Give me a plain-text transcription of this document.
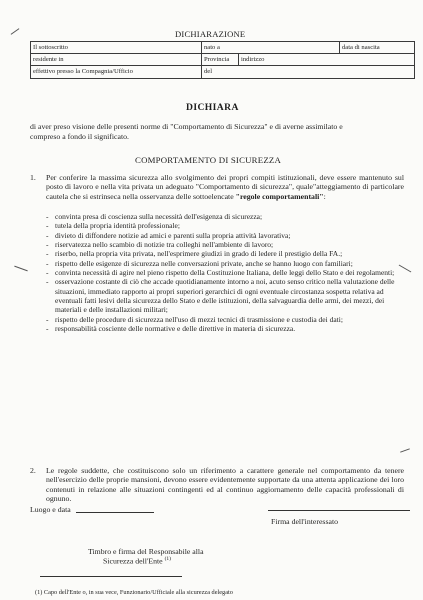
DICHIARAZIONE
Il sottoscritto	nato a		data di nascita
residente in	Provincia	indirizzo	
effettivo presso la Compagnia/Ufficio	del		
DICHIARA
di aver preso visione delle presenti norme di "Comportamento di Sicurezza" e di averne assimilato e
compreso a fondo il significato.
COMPORTAMENTO DI SICUREZZA
1. Per conferire la massima sicurezza allo svolgimento dei propri compiti istituzionali, deve essere mantenuto sul posto di lavoro e nella vita privata un adeguato "Comportamento di sicurezza", quale"atteggiamento di particolare cautela che si estrinseca nella osservanza delle sottoelencate "regole comportamentali":
- convinta presa di coscienza sulla necessità dell'esigenza di sicurezza;
- tutela della propria identità professionale;
- divieto di diffondere notizie ad amici e parenti sulla propria attività lavorativa;
- riservatezza nello scambio di notizie tra colleghi nell'ambiente di lavoro;
- riserbo, nella propria vita privata, nell'esprimere giudizi in grado di ledere il prestigio della FA.;
- rispetto delle esigenze di sicurezza nelle conversazioni private, anche se hanno luogo con familiari;
- convinta necessità di agire nel pieno rispetto della Costituzione Italiana, delle leggi dello Stato e dei regolamenti;
- osservazione costante di ciò che accade quotidianamente intorno a noi, acuto senso critico nella valutazione delle situazioni, immediato rapporto ai propri superiori gerarchici di ogni eventuale circostanza sospetta relativa ad eventuali fatti lesivi della sicurezza dello Stato e delle istituzioni, della salvaguardia delle armi, dei mezzi, dei materiali e delle installazioni militari;
- rispetto delle procedure di sicurezza nell'uso di mezzi tecnici di trasmissione e custodia dei dati;
- responsabilità cosciente delle normative e delle direttive in materia di sicurezza.
2. Le regole suddette, che costituiscono solo un riferimento a carattere generale nel comportamento da tenere nell'esercizio delle proprie mansioni, devono essere evidentemente supportate da una attenta applicazione dei loro contenuti in relazione alle situazioni contingenti ed al continuo aggiornamento delle capacità professionali di ognuno.
Luogo e data
Firma dell'interessato
Timbro e firma del Responsabile alla
Sicurezza dell'Ente $^{(1)}$
(1) Capo dell'Ente o, in sua vece, Funzionario/Ufficiale alla sicurezza delegato
